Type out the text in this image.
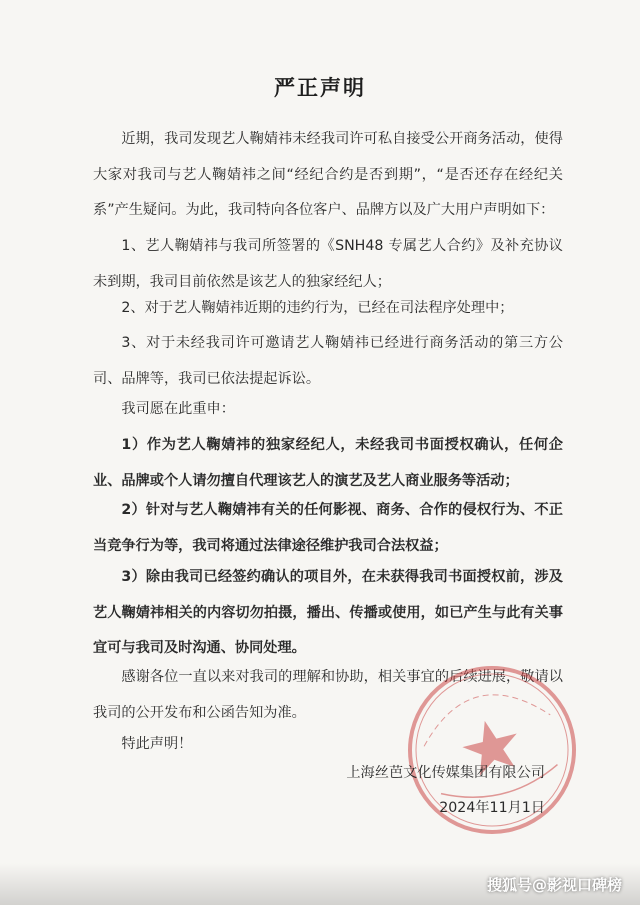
严正声明
近期，我司发现艺人鞠婧祎未经我司许可私自接受公开商务活动，使得大家对我司与艺人鞠婧祎之间“经纪合约是否到期”，“是否还存在经纪关系”产生疑问。为此，我司特向各位客户、品牌方以及广大用户声明如下：
1、艺人鞠婧祎与我司所签署的《SNH48 专属艺人合约》及补充协议未到期，我司目前依然是该艺人的独家经纪人；
2、对于艺人鞠婧祎近期的违约行为，已经在司法程序处理中；
3、对于未经我司许可邀请艺人鞠婧祎已经进行商务活动的第三方公司、品牌等，我司已依法提起诉讼。
我司愿在此重申：
1）作为艺人鞠婧祎的独家经纪人，未经我司书面授权确认，任何企业、品牌或个人请勿擅自代理该艺人的演艺及艺人商业服务等活动；
2）针对与艺人鞠婧祎有关的任何影视、商务、合作的侵权行为、不正当竞争行为等，我司将通过法律途径维护我司合法权益；
3）除由我司已经签约确认的项目外，在未获得我司书面授权前，涉及艺人鞠婧祎相关的内容切勿拍摄，播出、传播或使用，如已产生与此有关事宜可与我司及时沟通、协同处理。
感谢各位一直以来对我司的理解和协助，相关事宜的后续进展，敬请以我司的公开发布和公函告知为准。
特此声明！
上海丝芭文化传媒集团有限公司
2024年11月1日
搜狐号@影视口碑榜
